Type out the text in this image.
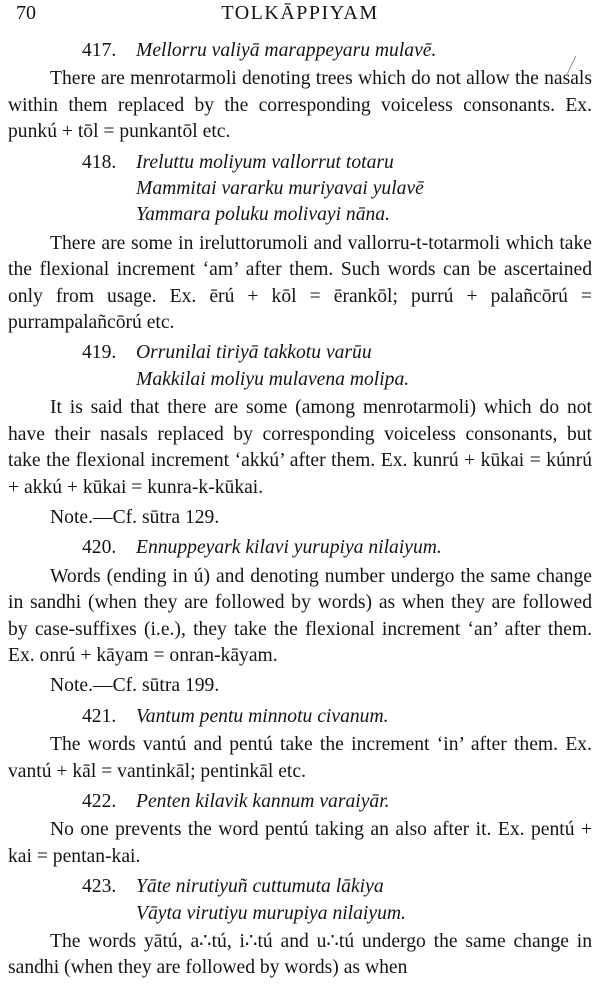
70	TOLKĀPPIYAM
417. Mellorru valiyā marappeyaru mulavē.
There are menrotarmoli denoting trees which do not allow the nasals within them replaced by the corresponding voiceless consonants. Ex. punkú + tōl = punkantōl etc.
418. Ireluttu moliyum vallorrut totaru
Mammitai vararku muriyavai yulavē
Yammara poluku molivayi nāna.
There are some in ireluttorumoli and vallorru-t-totarmoli which take the flexional increment ‘am’ after them. Such words can be ascertained only from usage. Ex. ērú + kōl = ērankōl; purrú + palañcōrú = purrampalañcōrú etc.
419. Orrunilai tiriyā takkotu varūu
Makkilai moliyu mulavena molipa.
It is said that there are some (among menrotarmoli) which do not have their nasals replaced by corresponding voiceless consonants, but take the flexional increment ‘akkú’ after them. Ex. kunrú + kūkai = kúnrú + akkú + kūkai = kunra-k-kūkai.
Note.—Cf. sūtra 129.
420. Ennuppeyark kilavi yurupiya nilaiyum.
Words (ending in ú) and denoting number undergo the same change in sandhi (when they are followed by words) as when they are followed by case-suffixes (i.e.), they take the flexional increment ‘an’ after them. Ex. onrú + kāyam = onran-kāyam.
Note.—Cf. sūtra 199.
421. Vantum pentu minnotu civanum.
The words vantú and pentú take the increment ‘in’ after them. Ex. vantú + kāl = vantinkāl; pentinkāl etc.
422. Penten kilavik kannum varaiyār.
No one prevents the word pentú taking an also after it. Ex. pentú + kai = pentan-kai.
423. Yāte nirutiyuñ cuttumuta lākiya
Vāyta virutiyu murupiya nilaiyum.
The words yātú, a∴tú, i∴tú and u∴tú undergo the same change in sandhi (when they are followed by words) as when
